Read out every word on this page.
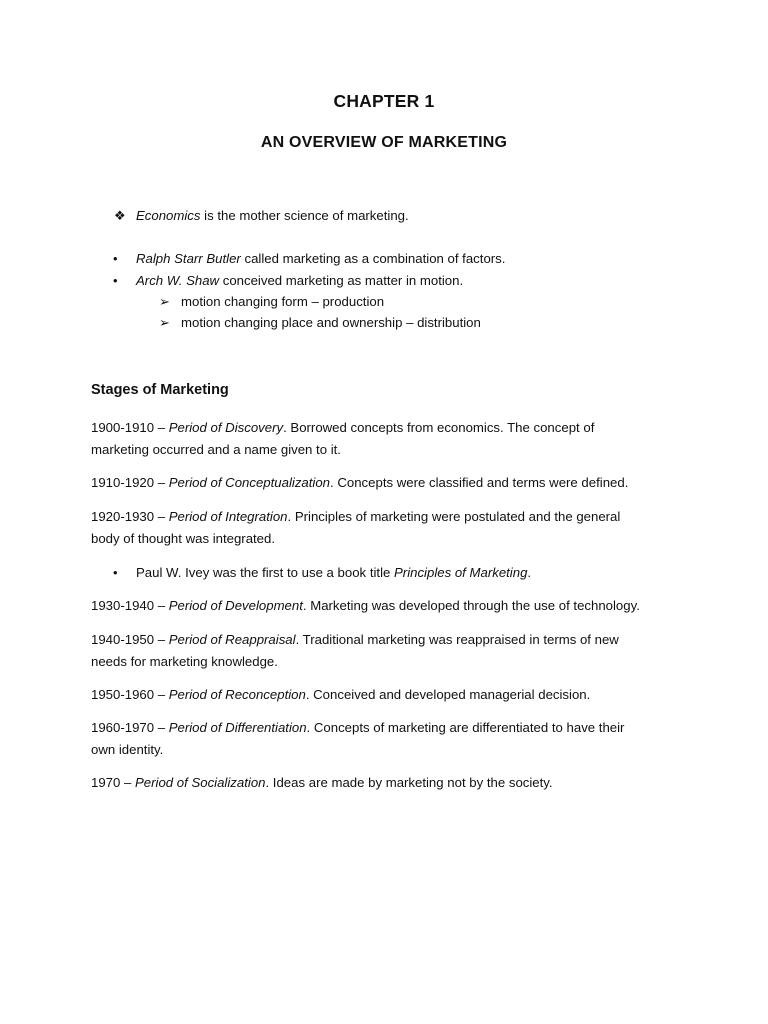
CHAPTER 1
AN OVERVIEW OF MARKETING
❖ Economics is the mother science of marketing.
• Ralph Starr Butler called marketing as a combination of factors.
• Arch W. Shaw conceived marketing as matter in motion.
➢ motion changing form – production
➢ motion changing place and ownership – distribution
Stages of Marketing
1900-1910 – Period of Discovery. Borrowed concepts from economics. The concept of
marketing occurred and a name given to it.
1910-1920 – Period of Conceptualization. Concepts were classified and terms were defined.
1920-1930 – Period of Integration. Principles of marketing were postulated and the general
body of thought was integrated.
• Paul W. Ivey was the first to use a book title Principles of Marketing.
1930-1940 – Period of Development. Marketing was developed through the use of technology.
1940-1950 – Period of Reappraisal. Traditional marketing was reappraised in terms of new
needs for marketing knowledge.
1950-1960 – Period of Reconception. Conceived and developed managerial decision.
1960-1970 – Period of Differentiation. Concepts of marketing are differentiated to have their
own identity.
1970 – Period of Socialization. Ideas are made by marketing not by the society.
